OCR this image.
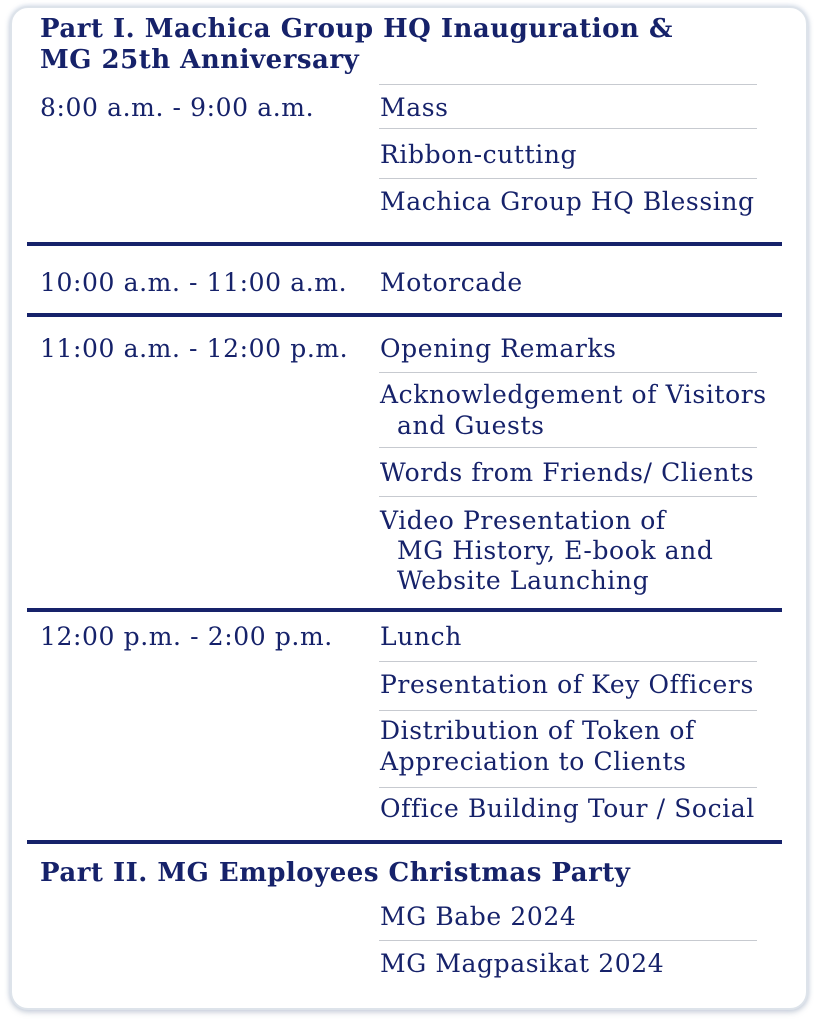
Part I. Machica Group HQ Inauguration &
MG 25th Anniversary
8:00 a.m. - 9:00 a.m.	Mass
Ribbon-cutting
Machica Group HQ Blessing
10:00 a.m. - 11:00 a.m. Motorcade
11:00 a.m. - 12:00 p.m. Opening Remarks
Acknowledgement of Visitors
and Guests
Words from Friends/ Clients
Video Presentation of
MG History, E-book and
Website Launching
12:00 p.m. - 2:00 p.m. Lunch
Presentation of Key Officers
Distribution of Token of
Appreciation to Clients
Office Building Tour / Social
Part II. MG Employees Christmas Party
MG Babe 2024
MG Magpasikat 2024
